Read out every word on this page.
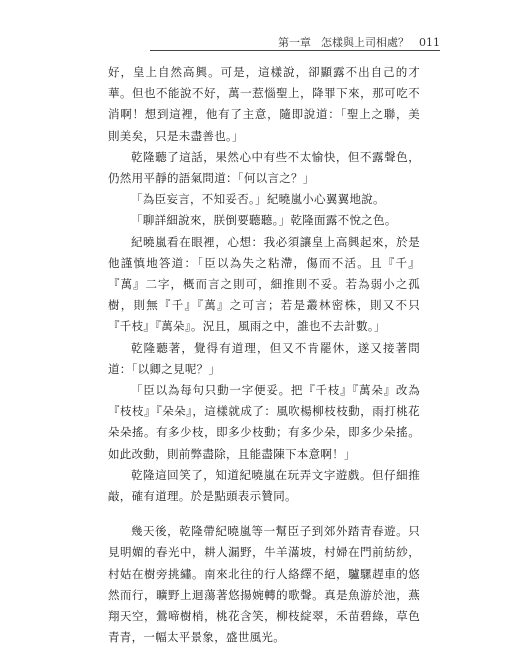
第一章 怎樣與上司相處？ 011

好，皇上自然高興。可是，這樣說，卻顯露不出自己的才華。但也不能說不好，萬一惹惱聖上，降罪下來，那可吃不消啊！想到這裡，他有了主意，隨即說道：「聖上之聯，美則美矣，只是未盡善也。」

乾隆聽了這話，果然心中有些不太愉快，但不露聲色，仍然用平靜的語氣問道：「何以言之？」

「為臣妄言，不知妥否。」紀曉嵐小心翼翼地說。

「聊詳細說來，朕倒要聽聽。」乾隆面露不悅之色。

紀曉嵐看在眼裡，心想：我必須讓皇上高興起來，於是他謹慎地答道：「臣以為失之粘滯，傷而不活。且『千』『萬』二字，概而言之則可，細推則不妥。若為弱小之孤樹，則無『千』『萬』之可言；若是叢林密株，則又不只『千枝』『萬朵』。況且，風雨之中，誰也不去計數。」

乾隆聽著，覺得有道理，但又不肯罷休，遂又接著問道：「以卿之見呢？」

「臣以為每句只動一字便妥。把『千枝』『萬朵』改為『枝枝』『朵朵』，這樣就成了：風吹楊柳枝枝動，雨打桃花朵朵搖。有多少枝，即多少枝動；有多少朵，即多少朵搖。如此改動，則前弊盡除，且能盡陳下本意啊！」

乾隆這回笑了，知道紀曉嵐在玩弄文字遊戲。但仔細推敲，確有道理。於是點頭表示贊同。

幾天後，乾隆帶紀曉嵐等一幫臣子到郊外踏青春遊。只見明媚的春光中，耕人漏野，牛羊滿坡，村婦在門前紡紗，村姑在樹旁挑繡。南來北往的行人絡繹不絕，驢騾趕車的悠然而行，曠野上迴蕩著悠揚婉轉的歌聲。真是魚游於池，燕翔天空，鶯啼樹梢，桃花含笑，柳枝綻翠，禾苗碧綠，草色青青，一幅太平景象，盛世風光。
